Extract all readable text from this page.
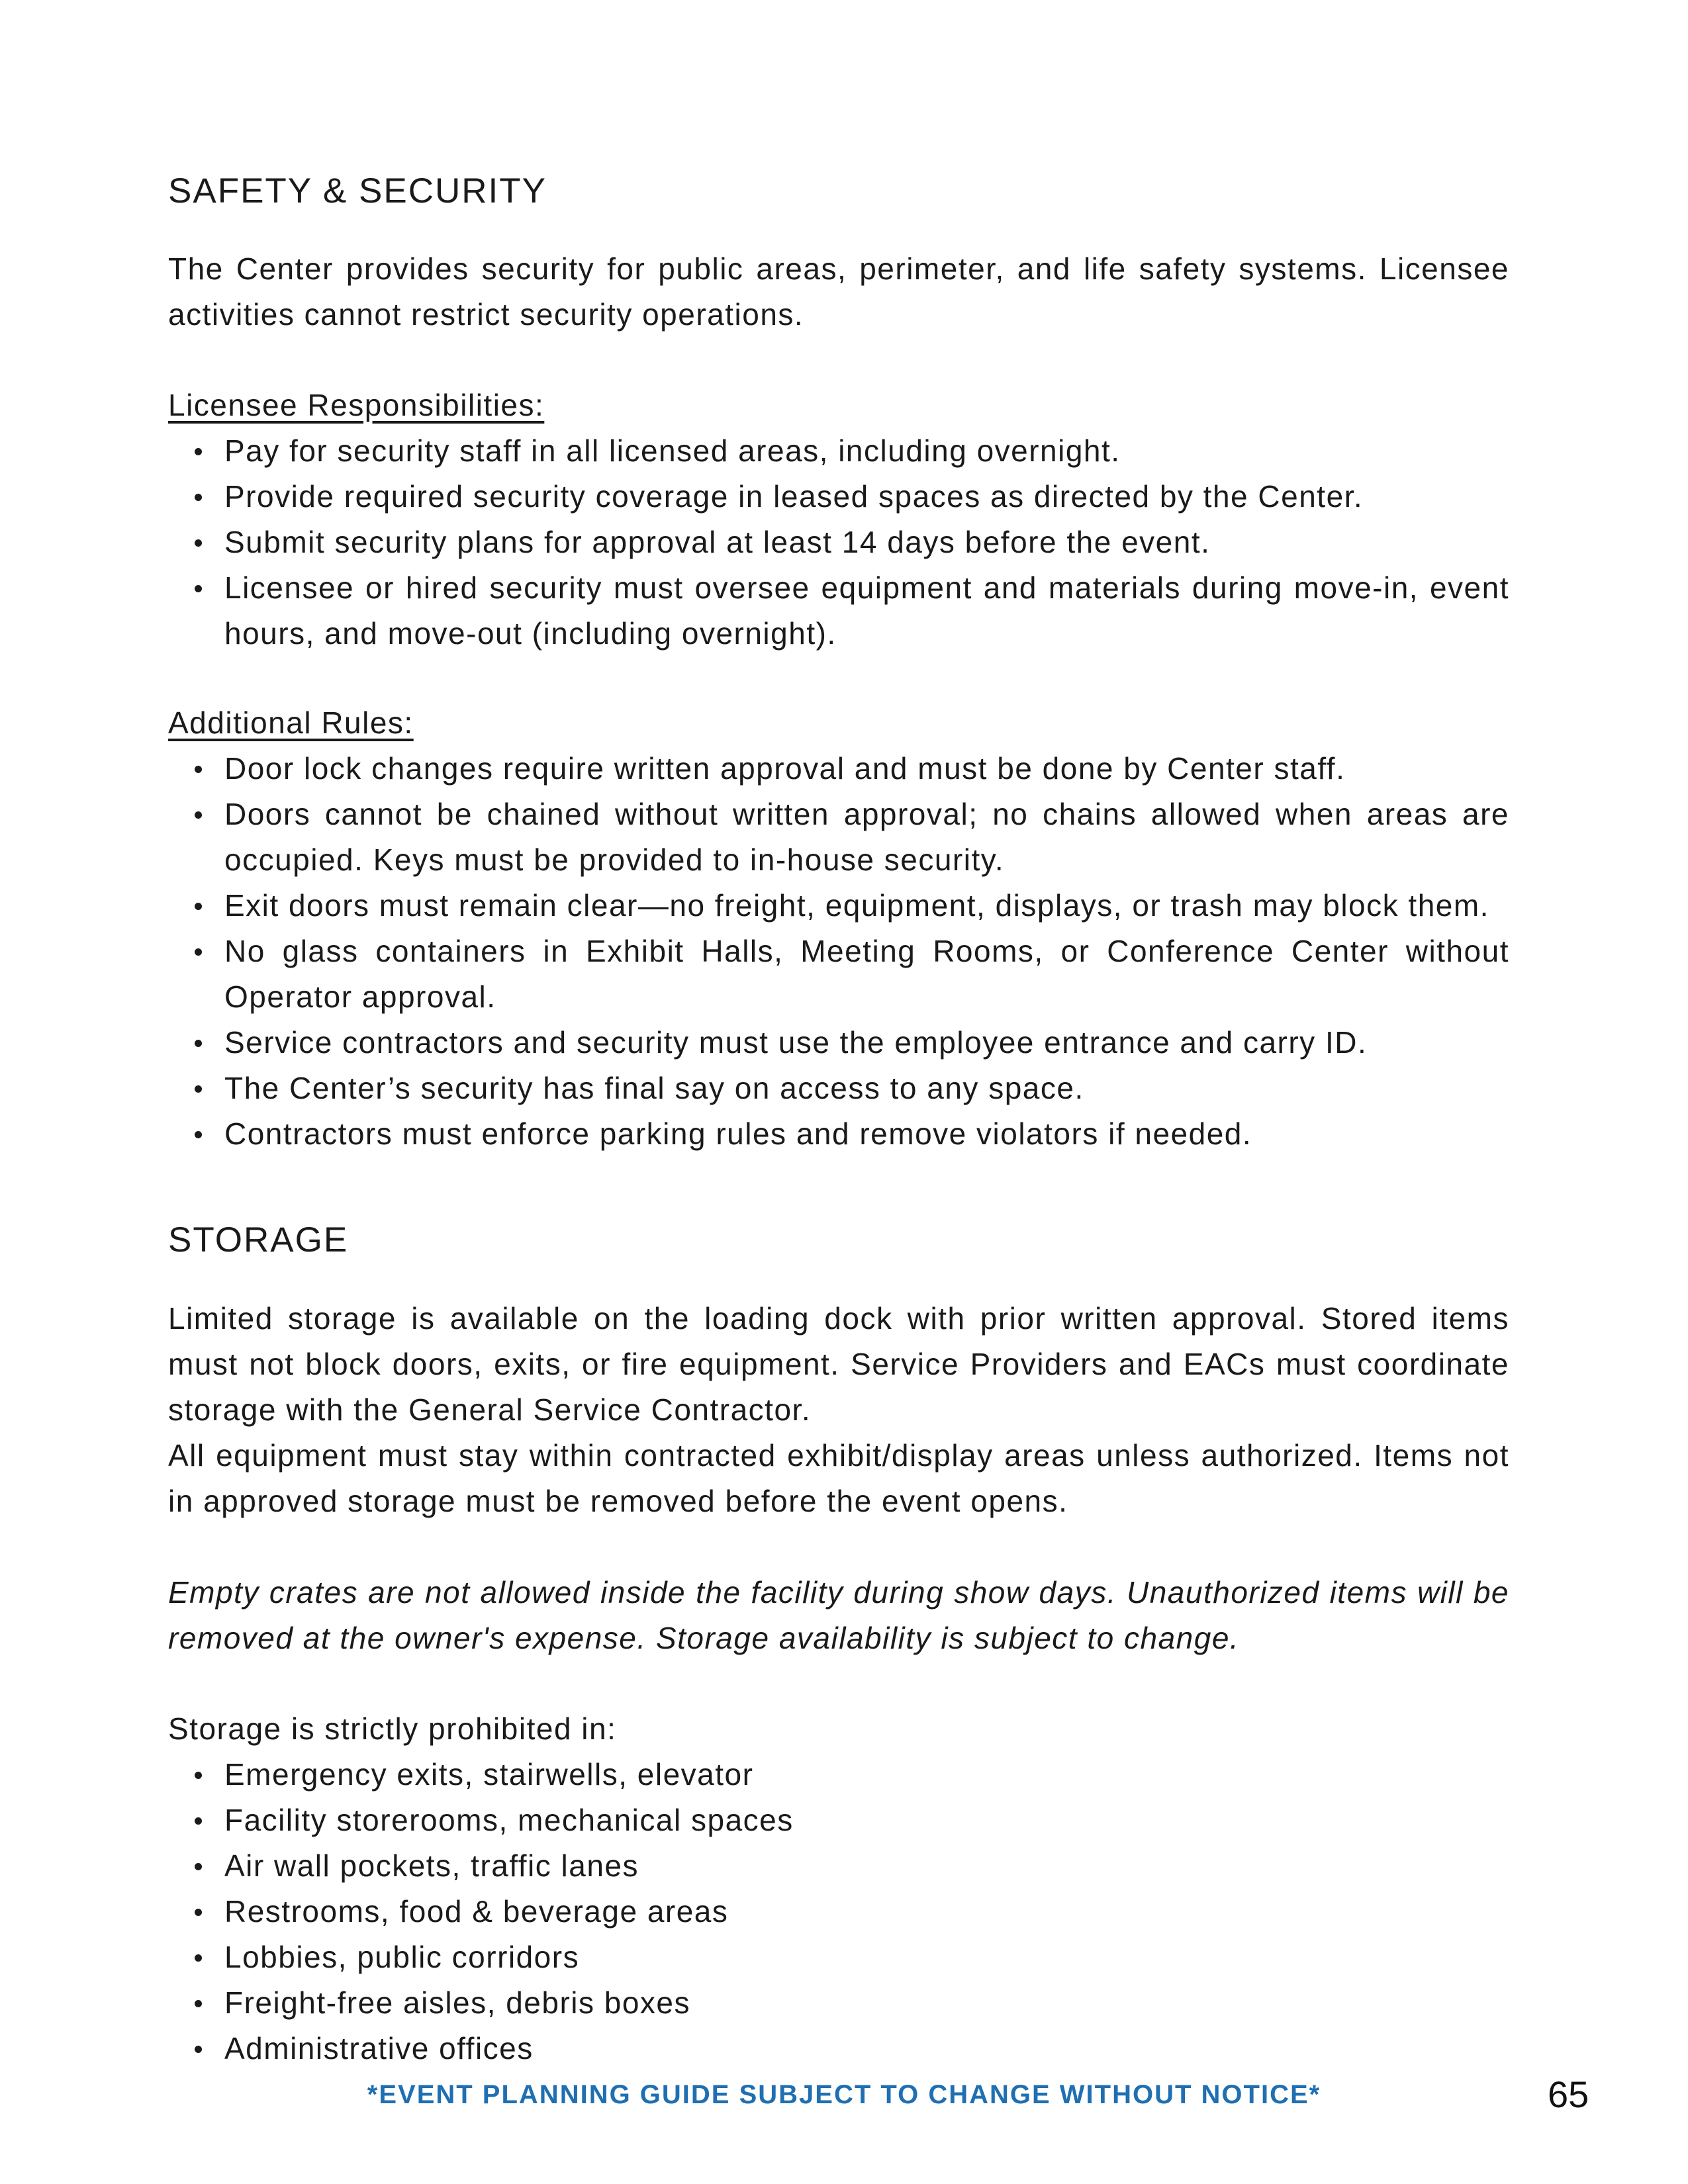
SAFETY & SECURITY

The Center provides security for public areas, perimeter, and life safety systems. Licensee activities cannot restrict security operations.

Licensee Responsibilities:

Pay for security staff in all licensed areas, including overnight.
Provide required security coverage in leased spaces as directed by the Center.
Submit security plans for approval at least 14 days before the event.
Licensee or hired security must oversee equipment and materials during move-in, event hours, and move-out (including overnight).

Additional Rules:

Door lock changes require written approval and must be done by Center staff.
Doors cannot be chained without written approval; no chains allowed when areas are occupied. Keys must be provided to in-house security.
Exit doors must remain clear—no freight, equipment, displays, or trash may block them.
No glass containers in Exhibit Halls, Meeting Rooms, or Conference Center without Operator approval.
Service contractors and security must use the employee entrance and carry ID.
The Center’s security has final say on access to any space.
Contractors must enforce parking rules and remove violators if needed.
STORAGE

Limited storage is available on the loading dock with prior written approval. Stored items must not block doors, exits, or fire equipment. Service Providers and EACs must coordinate storage with the General Service Contractor.

All equipment must stay within contracted exhibit/display areas unless authorized. Items not in approved storage must be removed before the event opens.

Empty crates are not allowed inside the facility during show days. Unauthorized items will be removed at the owner's expense. Storage availability is subject to change.

Storage is strictly prohibited in:

Emergency exits, stairwells, elevator
Facility storerooms, mechanical spaces
Air wall pockets, traffic lanes
Restrooms, food & beverage areas
Lobbies, public corridors
Freight-free aisles, debris boxes
Administrative offices
*EVENT PLANNING GUIDE SUBJECT TO CHANGE WITHOUT NOTICE*	65
